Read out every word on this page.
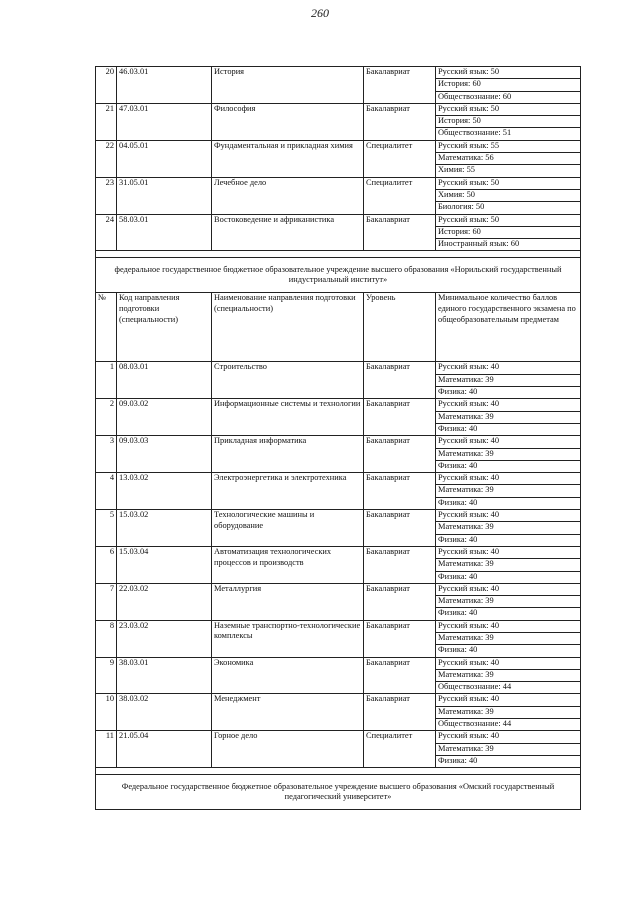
260
20	46.03.01	История	Бакалавриат	Русский язык: 50
				История: 60
				Обществознание: 60
21	47.03.01	Философия	Бакалавриат	Русский язык: 50
				История: 50
				Обществознание: 51
22	04.05.01	Фундаментальная и прикладная химия	Специалитет	Русский язык: 55
				Математика: 56
				Химия: 55
23	31.05.01	Лечебное дело	Специалитет	Русский язык: 50
				Химия: 50
				Биология: 50
24	58.03.01	Востоковедение и африканистика	Бакалавриат	Русский язык: 50
				История: 60
				Иностранный язык: 60

федеральное государственное бюджетное образовательное учреждение высшего образования «Норильский государственный индустриальный институт»				
№	Код направления подготовки (специальности)	Наименование направления подготовки (специальности)	Уровень	Минимальное количество баллов единого государственного экзамена по общеобразовательным предметам
1	08.03.01	Строительство	Бакалавриат	Русский язык: 40
				Математика: 39
				Физика: 40
2	09.03.02	Информационные системы и технологии	Бакалавриат	Русский язык: 40
				Математика: 39
				Физика: 40
3	09.03.03	Прикладная информатика	Бакалавриат	Русский язык: 40
				Математика: 39
				Физика: 40
4	13.03.02	Электроэнергетика и электротехника	Бакалавриат	Русский язык: 40
				Математика: 39
				Физика: 40
5	15.03.02	Технологические машины и оборудование	Бакалавриат	Русский язык: 40
				Математика: 39
				Физика: 40
6	15.03.04	Автоматизация технологических процессов и производств	Бакалавриат	Русский язык: 40
				Математика: 39
				Физика: 40
7	22.03.02	Металлургия	Бакалавриат	Русский язык: 40
				Математика: 39
				Физика: 40
8	23.03.02	Наземные транспортно-технологические комплексы	Бакалавриат	Русский язык: 40
				Математика: 39
				Физика: 40
9	38.03.01	Экономика	Бакалавриат	Русский язык: 40
				Математика: 39
				Обществознание: 44
10	38.03.02	Менеджмент	Бакалавриат	Русский язык: 40
				Математика: 39
				Обществознание: 44
11	21.05.04	Горное дело	Специалитет	Русский язык: 40
				Математика: 39
				Физика: 40

Федеральное государственное бюджетное образовательное учреждение высшего образования «Омский государственный педагогический университет»				
